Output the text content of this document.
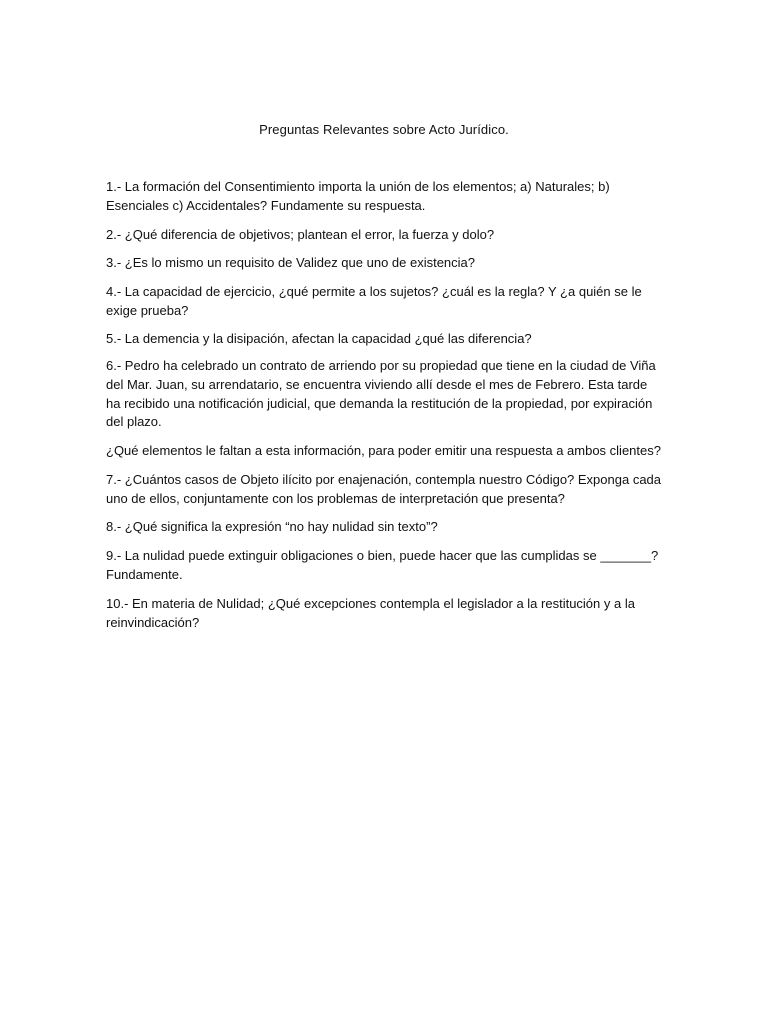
Preguntas Relevantes sobre Acto Jurídico.

1.- La formación del Consentimiento importa la unión de los elementos; a) Naturales; b) Esenciales c) Accidentales? Fundamente su respuesta.

2.- ¿Qué diferencia de objetivos; plantean el error, la fuerza y dolo?

3.- ¿Es lo mismo un requisito de Validez que uno de existencia?

4.- La capacidad de ejercicio, ¿qué permite a los sujetos? ¿cuál es la regla? Y ¿a quién se le exige prueba?

5.- La demencia y la disipación, afectan la capacidad ¿qué las diferencia?

6.- Pedro ha celebrado un contrato de arriendo por su propiedad que tiene en la ciudad de Viña del Mar. Juan, su arrendatario, se encuentra viviendo allí desde el mes de Febrero. Esta tarde ha recibido una notificación judicial, que demanda la restitución de la propiedad, por expiración del plazo.

¿Qué elementos le faltan a esta información, para poder emitir una respuesta a ambos clientes?

7.- ¿Cuántos casos de Objeto ilícito por enajenación, contempla nuestro Código? Exponga cada uno de ellos, conjuntamente con los problemas de interpretación que presenta?

8.- ¿Qué significa la expresión “no hay nulidad sin texto”?

9.- La nulidad puede extinguir obligaciones o bien, puede hacer que las cumplidas se _______? Fundamente.

10.- En materia de Nulidad; ¿Qué excepciones contempla el legislador a la restitución y a la reinvindicación?
